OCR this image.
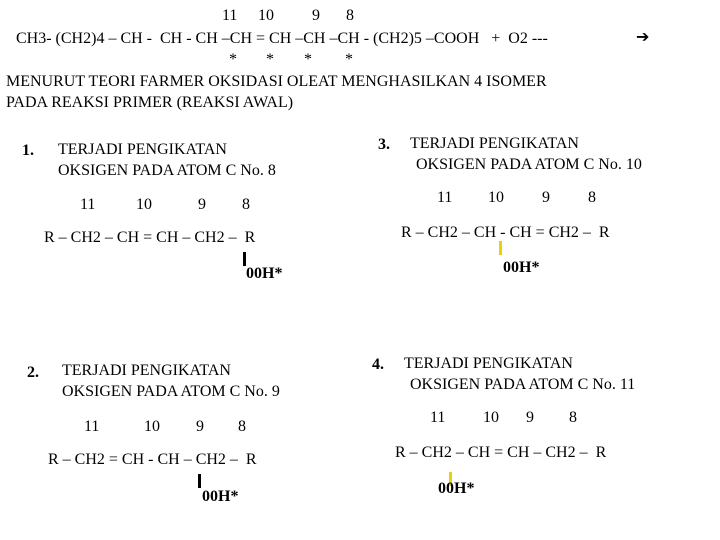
11 10 9 8
CH3- (CH2)4 – CH -  CH - CH –CH = CH –CH –CH - (CH2)5 –COOH   +  O2 ---	➔
* * * *
MENURUT TEORI FARMER OKSIDASI OLEAT MENGHASILKAN 4 ISOMER
PADA REAKSI PRIMER (REAKSI AWAL)
1. TERJADI PENGIKATAN
OKSIGEN PADA ATOM C No. 8
11	10	9 8
R – CH2 – CH = CH – CH2 –  R
00H*
2. TERJADI PENGIKATAN
OKSIGEN PADA ATOM C No. 9
11	10 9 8
R – CH2 = CH - CH – CH2 –  R
00H*
3. TERJADI PENGIKATAN
OKSIGEN PADA ATOM C No. 10
11 10 9 8
R – CH2 – CH - CH = CH2 –  R
00H*
4. TERJADI PENGIKATAN
OKSIGEN PADA ATOM C No. 11
11 10 9 8
R – CH2 – CH = CH – CH2 –  R
00H*
